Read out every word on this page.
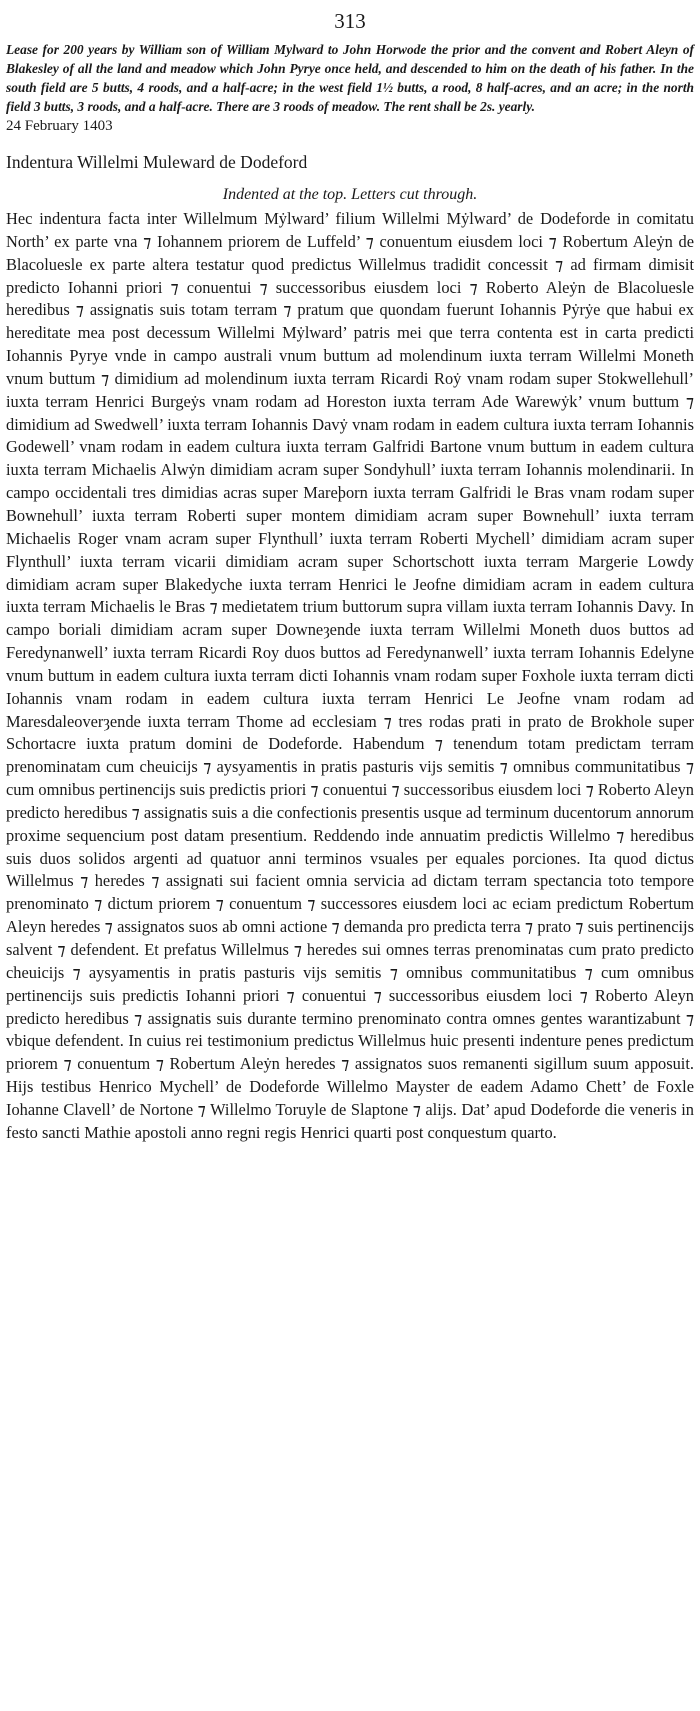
313
Lease for 200 years by William son of William Mylward to John Horwode the prior and the convent and Robert Aleyn of Blakesley of all the land and meadow which John Pyrye once held, and descended to him on the death of his father. In the south field are 5 butts, 4 roods, and a half-acre; in the west field 1½ butts, a rood, 8 half-acres, and an acre; in the north field 3 butts, 3 roods, and a half-acre. There are 3 roods of meadow. The rent shall be 2s. yearly.
24 February 1403
Indentura Willelmi Muleward de Dodeford
Indented at the top. Letters cut through.
Hec indentura facta inter Willelmum Mẏlward’ filium Willelmi Mẏlward’ de Dodeforde in comitatu North’ ex parte vna ⁊ Iohannem priorem de Luffeld’ ⁊ conuentum eiusdem loci ⁊ Robertum Aleẏn de Blacoluesle ex parte altera testatur quod predictus Willelmus tradidit concessit ⁊ ad firmam dimisit predicto Iohanni priori ⁊ conuentui ⁊ successoribus eiusdem loci ⁊ Roberto Aleẏn de Blacoluesle heredibus ⁊ assignatis suis totam terram ⁊ pratum que quondam fuerunt Iohannis Pẏrẏe que habui ex hereditate mea post decessum Willelmi Mẏlward’ patris mei que terra contenta est in carta predicti Iohannis Pyrye vnde in campo australi vnum buttum ad molendinum iuxta terram Willelmi Moneth vnum buttum ⁊ dimidium ad molendinum iuxta terram Ricardi Roẏ vnam rodam super Stokwellehull’ iuxta terram Henrici Burgeẏs vnam rodam ad Horeston iuxta terram Ade Warewẏk’ vnum buttum ⁊ dimidium ad Swedwell’ iuxta terram Iohannis Davẏ vnam rodam in eadem cultura iuxta terram Iohannis Godewell’ vnam rodam in eadem cultura iuxta terram Galfridi Bartone vnum buttum in eadem cultura iuxta terram Michaelis Alwẏn dimidiam acram super Sondyhull’ iuxta terram Iohannis molendinarii. In campo occidentali tres dimidias acras super Mareþorn iuxta terram Galfridi le Bras vnam rodam super Bownehull’ iuxta terram Roberti super montem dimidiam acram super Bownehull’ iuxta terram Michaelis Roger vnam acram super Flynthull’ iuxta terram Roberti Mychell’ dimidiam acram super Flynthull’ iuxta terram vicarii dimidiam acram super Schortschott iuxta terram Margerie Lowdy dimidiam acram super Blakedyche iuxta terram Henrici le Jeofne dimidiam acram in eadem cultura iuxta terram Michaelis le Bras ⁊ medietatem trium buttorum supra villam iuxta terram Iohannis Davy. In campo boriali dimidiam acram super Downeȝende iuxta terram Willelmi Moneth duos buttos ad Feredynanwell’ iuxta terram Ricardi Roy duos buttos ad Feredynanwell’ iuxta terram Iohannis Edelyne vnum buttum in eadem cultura iuxta terram dicti Iohannis vnam rodam super Foxhole iuxta terram dicti Iohannis vnam rodam in eadem cultura iuxta terram Henrici Le Jeofne vnam rodam ad Maresdaleoverȝende iuxta terram Thome ad ecclesiam ⁊ tres rodas prati in prato de Brokhole super Schortacre iuxta pratum domini de Dodeforde. Habendum ⁊ tenendum totam predictam terram prenominatam cum cheuicijs ⁊ aysyamentis in pratis pasturis vijs semitis ⁊ omnibus communitatibus ⁊ cum omnibus pertinencijs suis predictis priori ⁊ conuentui ⁊ successoribus eiusdem loci ⁊ Roberto Aleyn predicto heredibus ⁊ assignatis suis a die confectionis presentis usque ad terminum ducentorum annorum proxime sequencium post datam presentium. Reddendo inde annuatim predictis Willelmo ⁊ heredibus suis duos solidos argenti ad quatuor anni terminos vsuales per equales porciones. Ita quod dictus Willelmus ⁊ heredes ⁊ assignati sui facient omnia servicia ad dictam terram spectancia toto tempore prenominato ⁊ dictum priorem ⁊ conuentum ⁊ successores eiusdem loci ac eciam predictum Robertum Aleyn heredes ⁊ assignatos suos ab omni actione ⁊ demanda pro predicta terra ⁊ prato ⁊ suis pertinencijs salvent ⁊ defendent. Et prefatus Willelmus ⁊ heredes sui omnes terras prenominatas cum prato predicto cheuicijs ⁊ aysyamentis in pratis pasturis vijs semitis ⁊ omnibus communitatibus ⁊ cum omnibus pertinencijs suis predictis Iohanni priori ⁊ conuentui ⁊ successoribus eiusdem loci ⁊ Roberto Aleyn predicto heredibus ⁊ assignatis suis durante termino prenominato contra omnes gentes warantizabunt ⁊ vbique defendent. In cuius rei testimonium predictus Willelmus huic presenti indenture penes predictum priorem ⁊ conuentum ⁊ Robertum Aleẏn heredes ⁊ assignatos suos remanenti sigillum suum apposuit. Hijs testibus Henrico Mychell’ de Dodeforde Willelmo Mayster de eadem Adamo Chett’ de Foxle Iohanne Clavell’ de Nortone ⁊ Willelmo Toruyle de Slaptone ⁊ alijs. Dat’ apud Dodeforde die veneris in festo sancti Mathie apostoli anno regni regis Henrici quarti post conquestum quarto.
